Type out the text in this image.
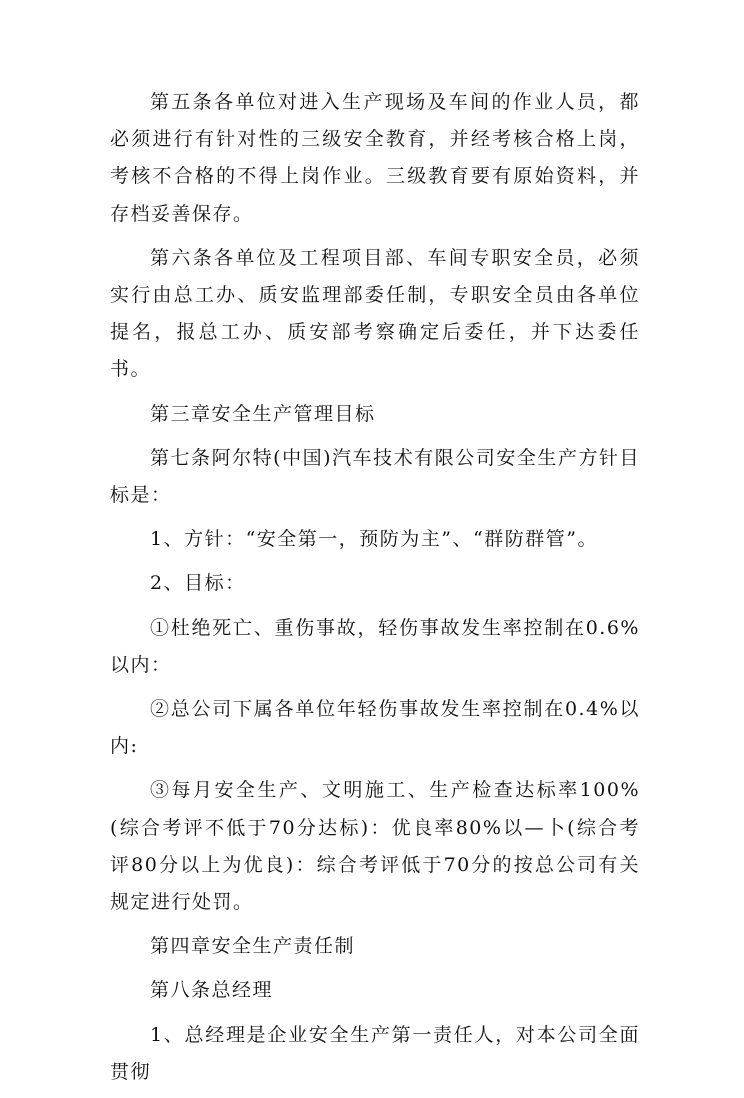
第五条各单位对进入生产现场及车间的作业人员，都必须进行有针对性的三级安全教育，并经考核合格上岗，考核不合格的不得上岗作业。三级教育要有原始资料，并存档妥善保存。

第六条各单位及工程项目部、车间专职安全员，必须实行由总工办、质安监理部委任制，专职安全员由各单位提名，报总工办、质安部考察确定后委任，并下达委任书。

第三章安全生产管理目标

第七条阿尔特(中国)汽车技术有限公司安全生产方针目标是：

1、方针：“安全第一，预防为主”、“群防群管”。

2、目标：

①杜绝死亡、重伤事故，轻伤事故发生率控制在0.6%以内：

②总公司下属各单位年轻伤事故发生率控制在0.4%以内:

③每月安全生产、文明施工、生产检查达标率100%(综合考评不低于70分达标)：优良率80%以—卜(综合考评80分以上为优良)：综合考评低于70分的按总公司有关规定进行处罚。

第四章安全生产责任制

第八条总经理

1、总经理是企业安全生产第一责任人，对本公司全面贯彻
